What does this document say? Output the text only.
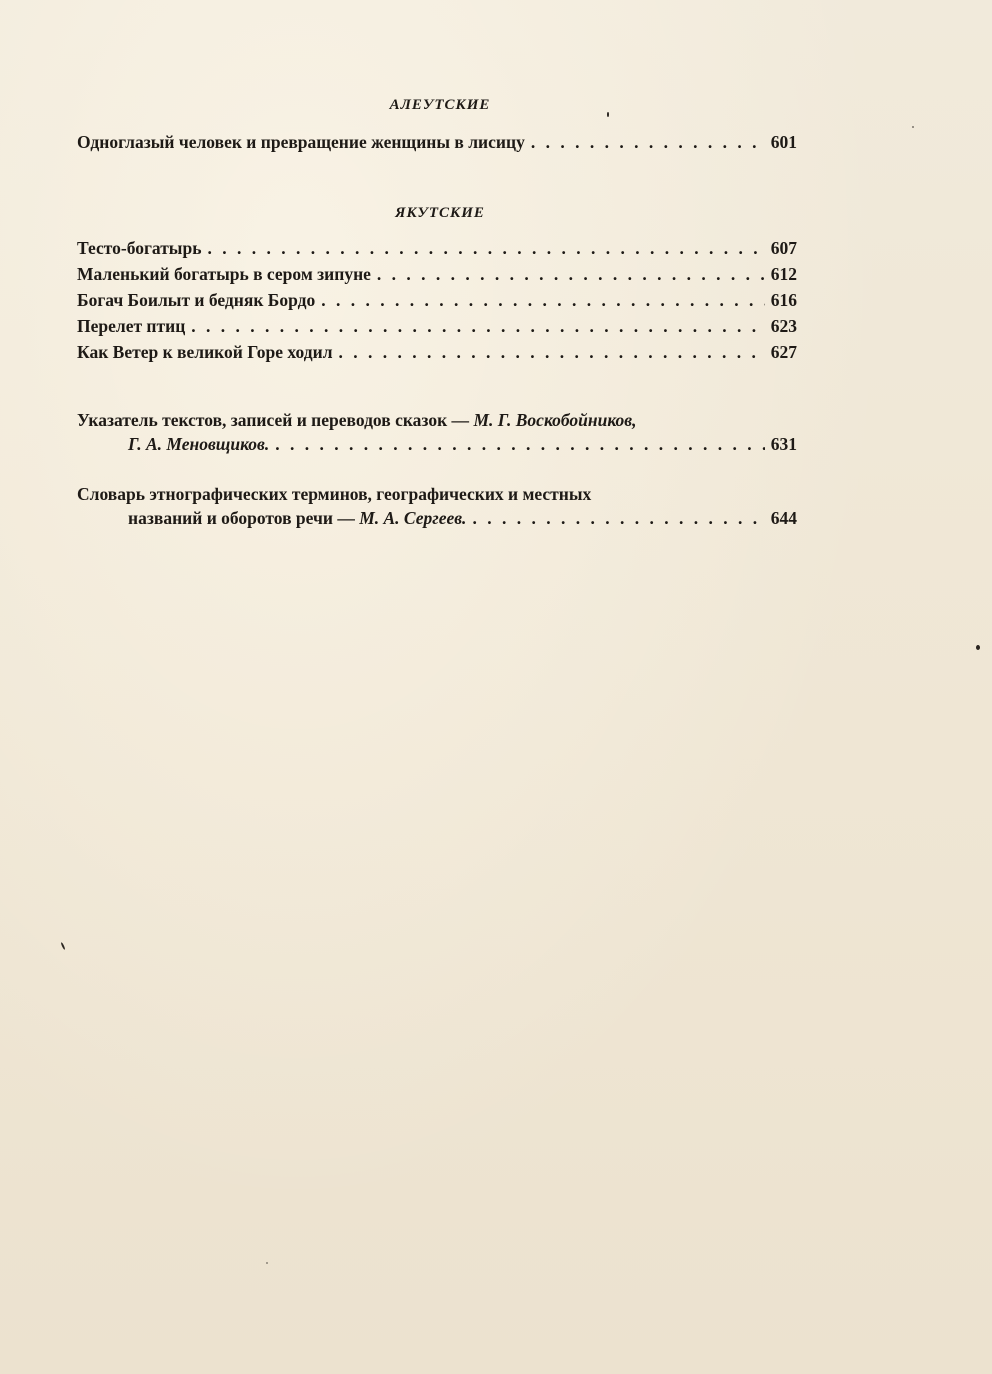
АЛЕУТСКИЕ
Одноглазый человек и превращение женщины в лисицу . . .	601
ЯКУТСКИЕ
Тесто-богатырь . . .	607
Маленький богатырь в сером зипуне . . .	612
Богач Боилыт и бедняк Бордо . . .	616
Перелет птиц . . .	623
Как Ветер к великой Горе ходил . . .	627
Указатель текстов, записей и переводов сказок — М. Г. Воскобойников,
Г. А. Меновщиков. . . .	631
Словарь этнографических терминов, географических и местных
названий и оборотов речи — М. А. Сергеев. . . .	644
